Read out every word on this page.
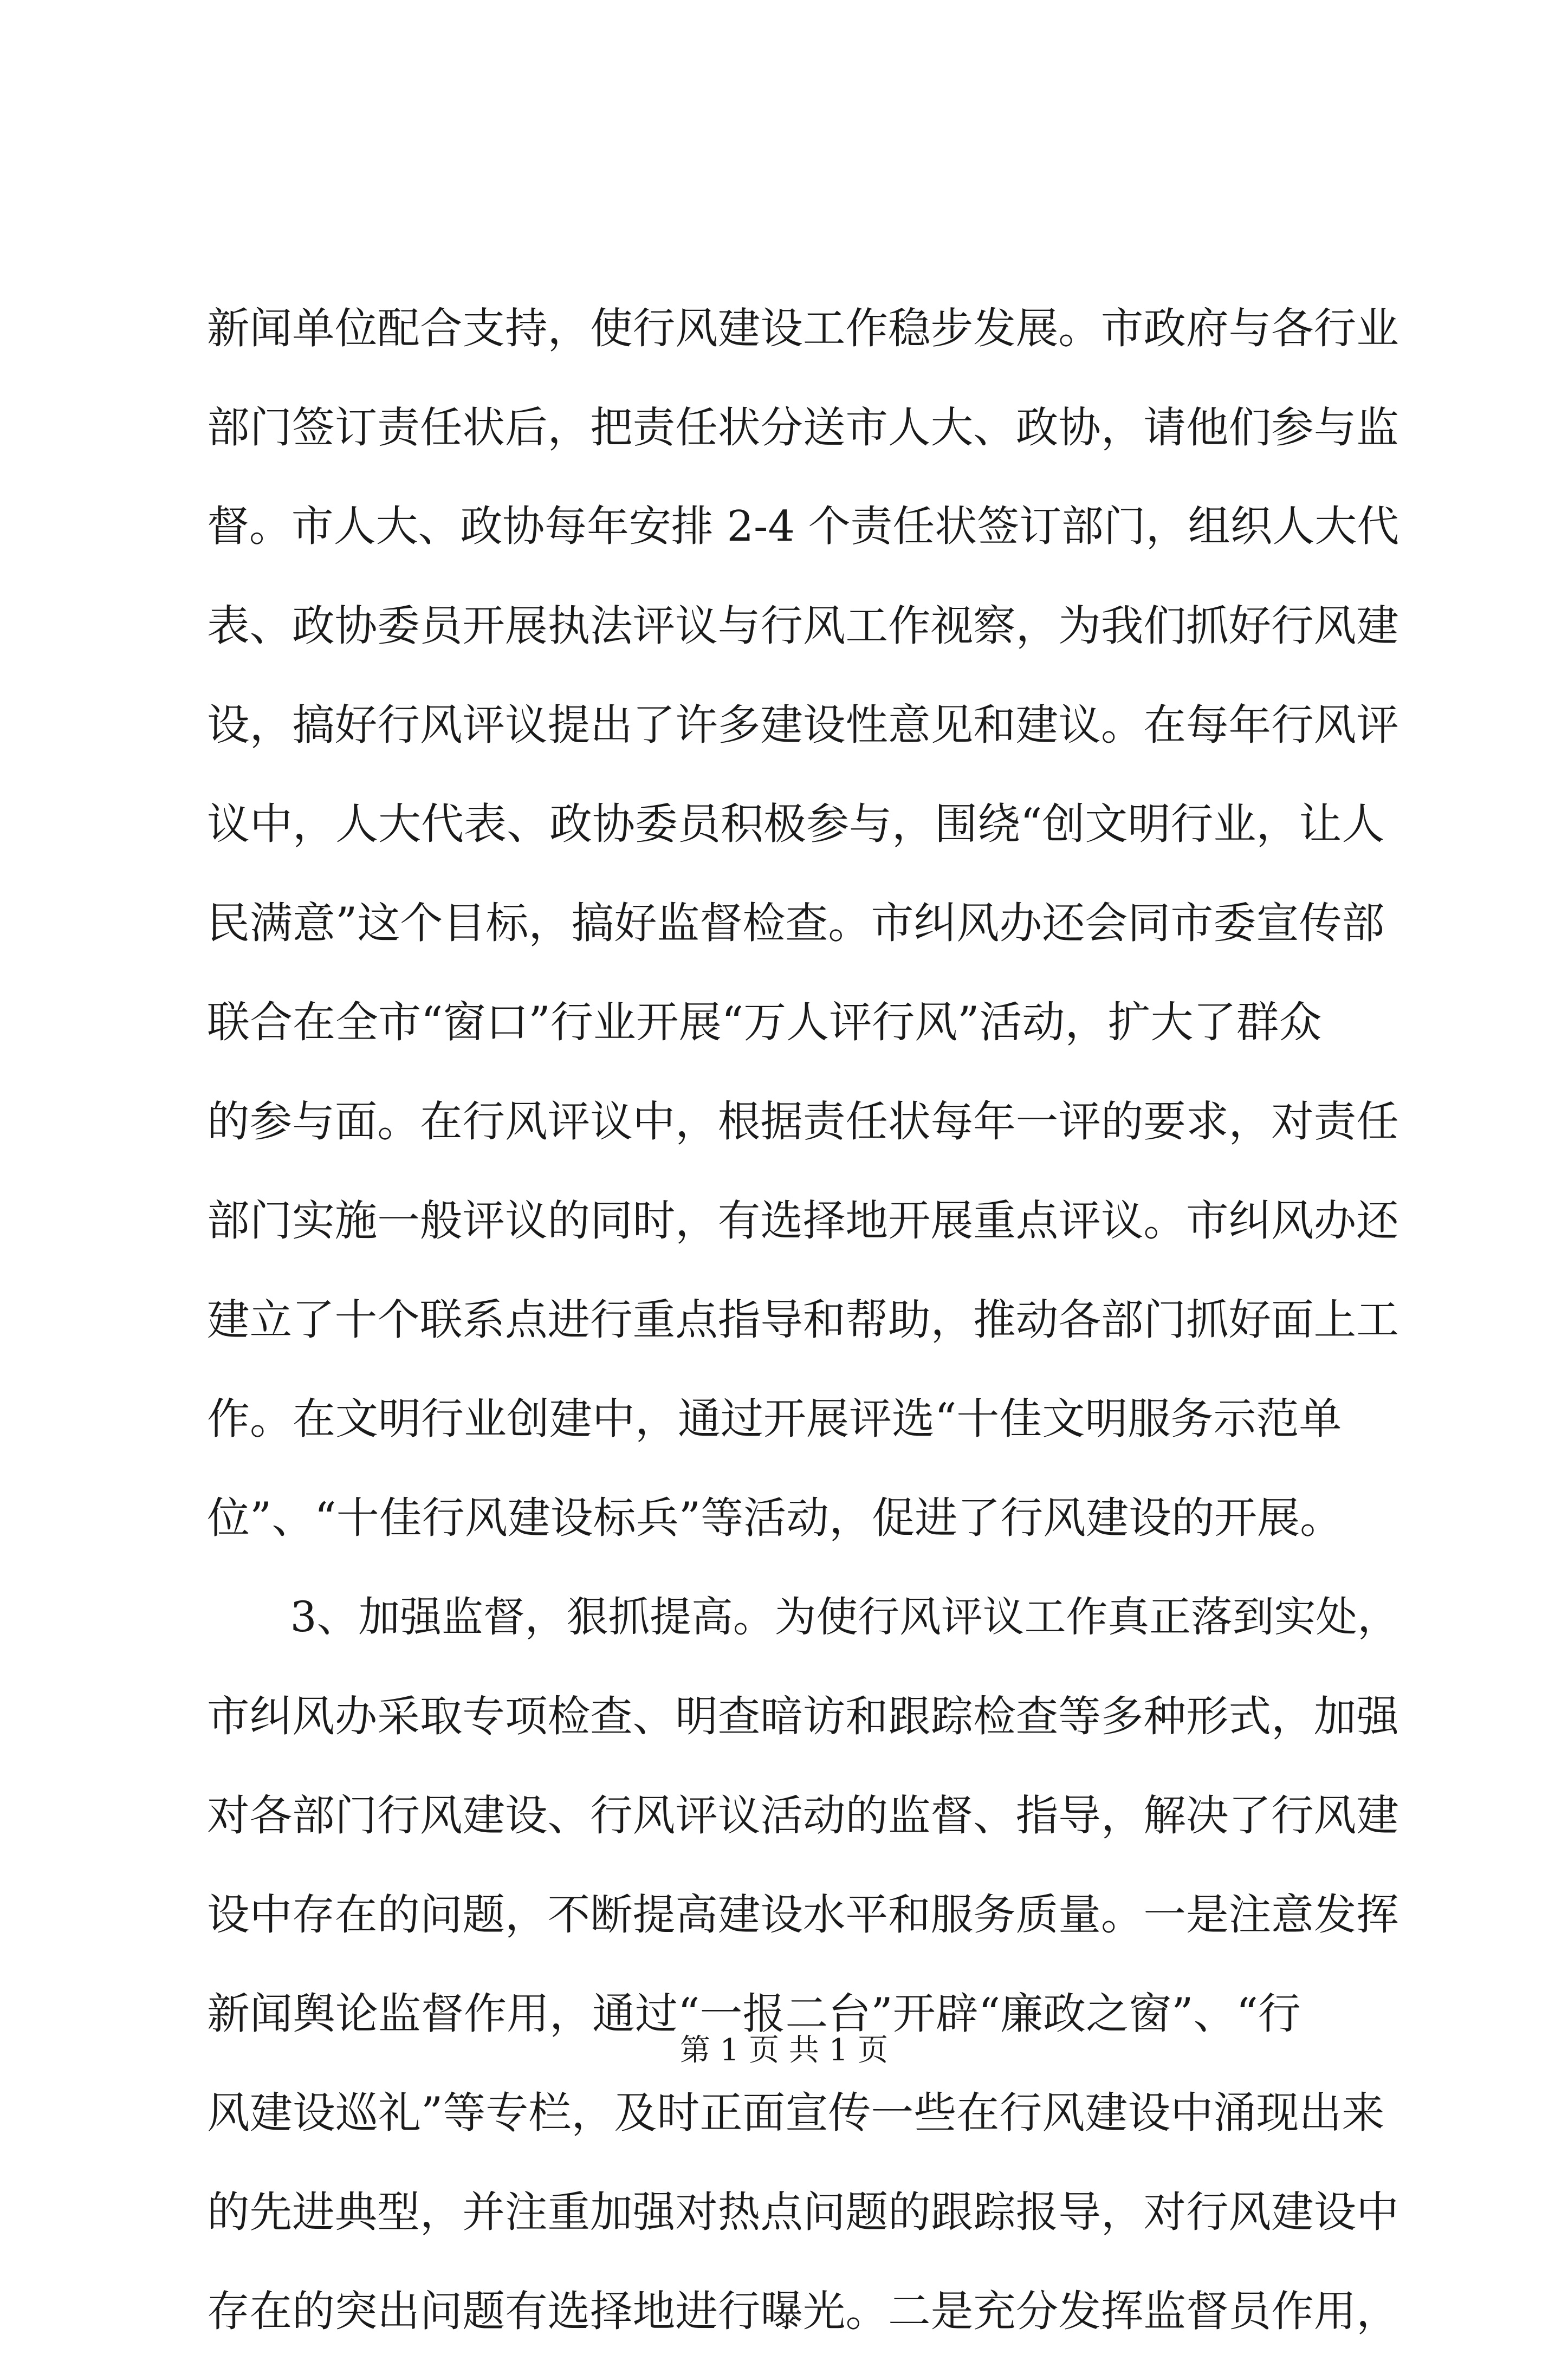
新闻单位配合支持，使行风建设工作稳步发展。市政府与各行业
部门签订责任状后，把责任状分送市人大、政协，请他们参与监
督。市人大、政协每年安排 2-4 个责任状签订部门，组织人大代
表、政协委员开展执法评议与行风工作视察，为我们抓好行风建
设，搞好行风评议提出了许多建设性意见和建议。在每年行风评
议中，人大代表、政协委员积极参与，围绕“创文明行业，让人
民满意”这个目标，搞好监督检查。市纠风办还会同市委宣传部
联合在全市“窗口”行业开展“万人评行风”活动，扩大了群众
的参与面。在行风评议中，根据责任状每年一评的要求，对责任
部门实施一般评议的同时，有选择地开展重点评议。市纠风办还
建立了十个联系点进行重点指导和帮助，推动各部门抓好面上工
作。在文明行业创建中，通过开展评选“十佳文明服务示范单
位”、“十佳行风建设标兵”等活动，促进了行风建设的开展。
　　3、加强监督，狠抓提高。为使行风评议工作真正落到实处，
市纠风办采取专项检查、明查暗访和跟踪检查等多种形式，加强
对各部门行风建设、行风评议活动的监督、指导，解决了行风建
设中存在的问题，不断提高建设水平和服务质量。一是注意发挥
新闻舆论监督作用，通过“一报二台”开辟“廉政之窗”、“行
风建设巡礼”等专栏，及时正面宣传一些在行风建设中涌现出来
的先进典型，并注重加强对热点问题的跟踪报导，对行风建设中
存在的突出问题有选择地进行曝光。二是充分发挥监督员作用，
第 1 页 共 1 页
